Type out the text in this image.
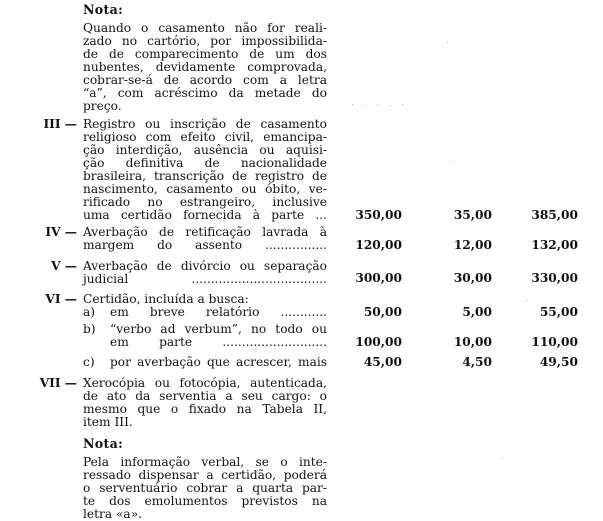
Nota:
Quando o casamento não for reali-
zado no cartório, por impossibilida-
de de comparecimento de um dos
nubentes, devidamente comprovada,
cobrar-se-á de acordo com a letra
“a”, com acréscimo da metade do
preço.
III — Registro ou inscrição de casamento
religioso com efeito civil, emancipa-
ção interdição, ausência ou aquisi-
ção definitiva de nacionalidade
brasileira, transcrição de registro de
nascimento, casamento ou óbito, ve-
rificado no estrangeiro, inclusive
uma certidão fornecida à parte ... 350,00	35,00	385,00
IV — Averbação de retificação lavrada à
margem do assento ................ 120,00	12,00	132,00
V — Averbação de divórcio ou separação
judicial ................................... 300,00	30,00	330,00
VI — Certidão, incluída a busca:
a) em breve relatório ............	50,00	5,00	55,00
b) “verbo ad verbum”, no todo ou
em parte ........................... 100,00	10,00	110,00
c) por averbação que acrescer, mais	45,00	4,50	49,50
VII — Xerocópia ou fotocópia, autenticada,
de ato da serventia a seu cargo: o
mesmo que o fixado na Tabela II,
item III.
Nota:
Pela informação verbal, se o inte-
ressado dispensar a certidão, poderá
o serventuário cobrar a quarta par-
te dos emolumentos previstos na
letra «a».
